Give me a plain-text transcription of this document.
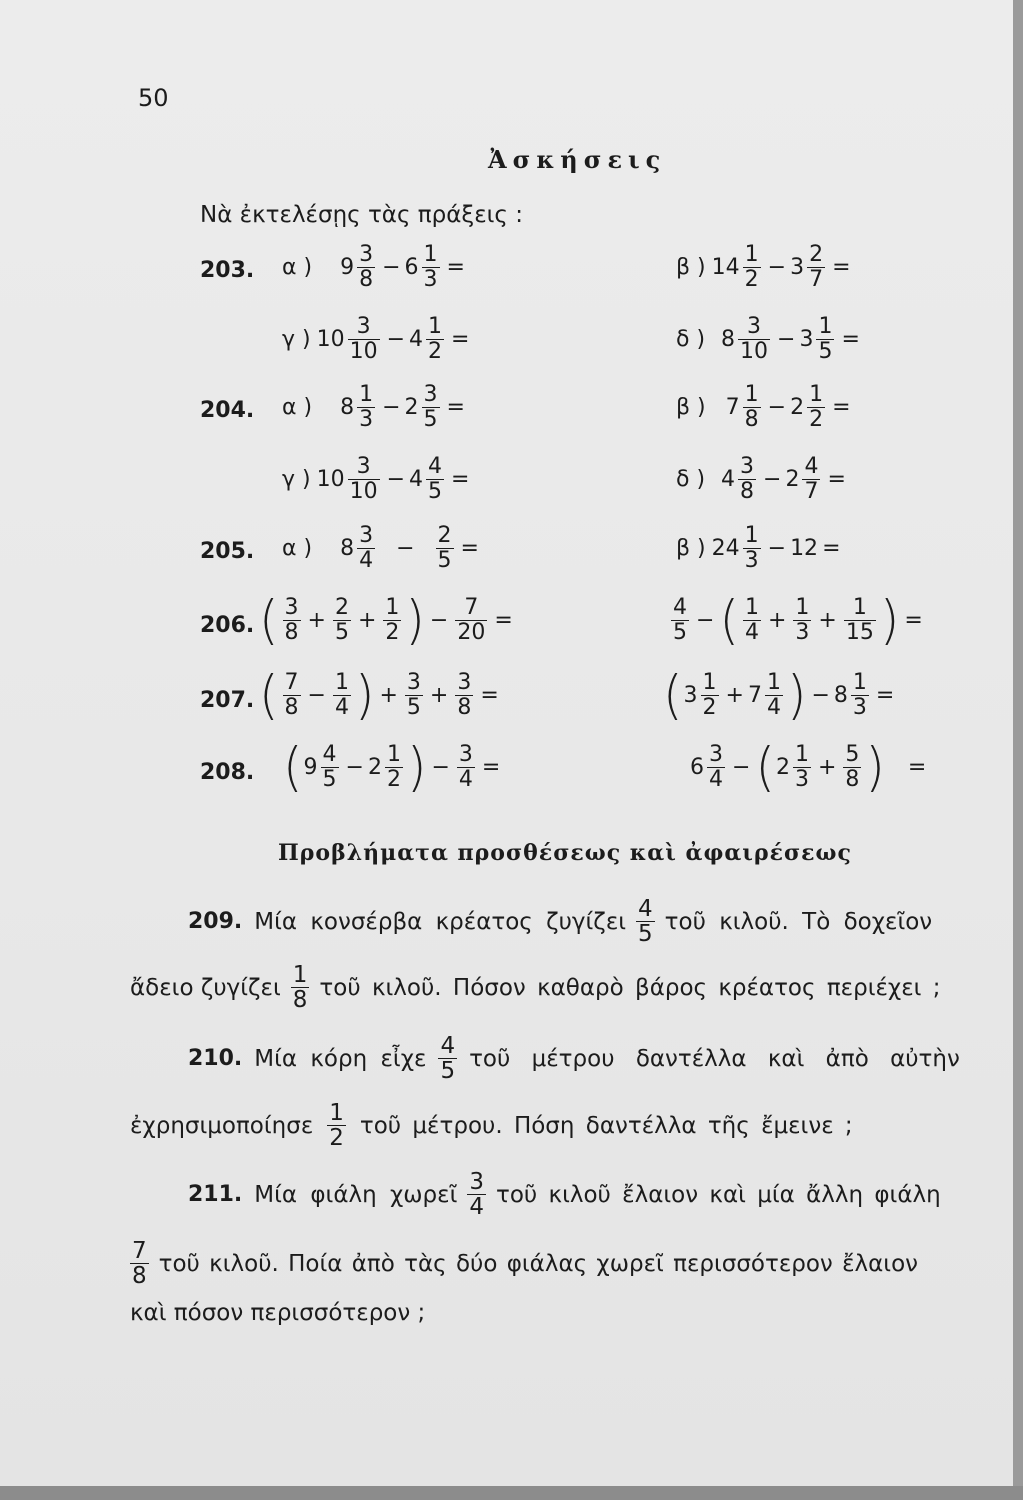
50
Ἀσκήσεις
Νὰ ἐκτελέσῃς τὰς πράξεις :
203. α ) $9 \frac{3}{8} - 6 \frac{1}{3}$ =	β ) $14 \frac{1}{2} - 3 \frac{2}{7}$ =
γ ) $10 \frac{3}{10} - 4 \frac{1}{2}$ =	δ ) $8 \frac{3}{10} - 3 \frac{1}{5}$ =
204. α ) $8 \frac{1}{3} - 2 \frac{3}{5}$ =	β ) $7 \frac{1}{8} - 2 \frac{1}{2}$ =
γ ) $10 \frac{3}{10} - 4 \frac{4}{5}$ =	δ ) $4 \frac{3}{8} - 2 \frac{4}{7}$ =
205. α ) $8 \frac{3}{4} - \frac{2}{5}$ =	β ) $24 \frac{1}{3} - 12$ =
206. ( $\frac{3}{8} + \frac{2}{5} + \frac{1}{2}$ ) − $\frac{7}{20}$ =	$\frac{4}{5}$ − ( $\frac{1}{4} + \frac{1}{3} + \frac{1}{15}$ ) =
207. ( $\frac{7}{8} - \frac{1}{4}$ ) + $\frac{3}{5} + \frac{3}{8}$ =	( $3 \frac{1}{2} + 7 \frac{1}{4}$ ) − $8 \frac{1}{3}$ =
208. ( $9 \frac{4}{5} - 2 \frac{1}{2}$ ) − $\frac{3}{4}$ =	$6 \frac{3}{4}$ − ( $2 \frac{1}{3} + \frac{5}{8}$ ) =
Προβλήματα προσθέσεως καὶ ἀφαιρέσεως
209. Μία κονσέρβα κρέατος ζυγίζει $\frac{4}{5}$ τοῦ κιλοῦ. Τὸ δοχεῖον
ἄδειο ζυγίζει $\frac{1}{8}$ τοῦ κιλοῦ. Πόσον καθαρὸ βάρος κρέατος περιέχει ;
210. Μία κόρη εἶχε $\frac{4}{5}$ τοῦ μέτρου δαντέλλα καὶ ἀπὸ αὐτὴν
ἐχρησιμοποίησε $\frac{1}{2}$ τοῦ μέτρου. Πόση δαντέλλα τῆς ἔμεινε ;
211. Μία φιάλη χωρεῖ $\frac{3}{4}$ τοῦ κιλοῦ ἔλαιον καὶ μία ἄλλη φιάλη
$\frac{7}{8}$ τοῦ κιλοῦ. Ποία ἀπὸ τὰς δύο φιάλας χωρεῖ περισσότερον ἔλαιον
καὶ πόσον περισσότερον ;
